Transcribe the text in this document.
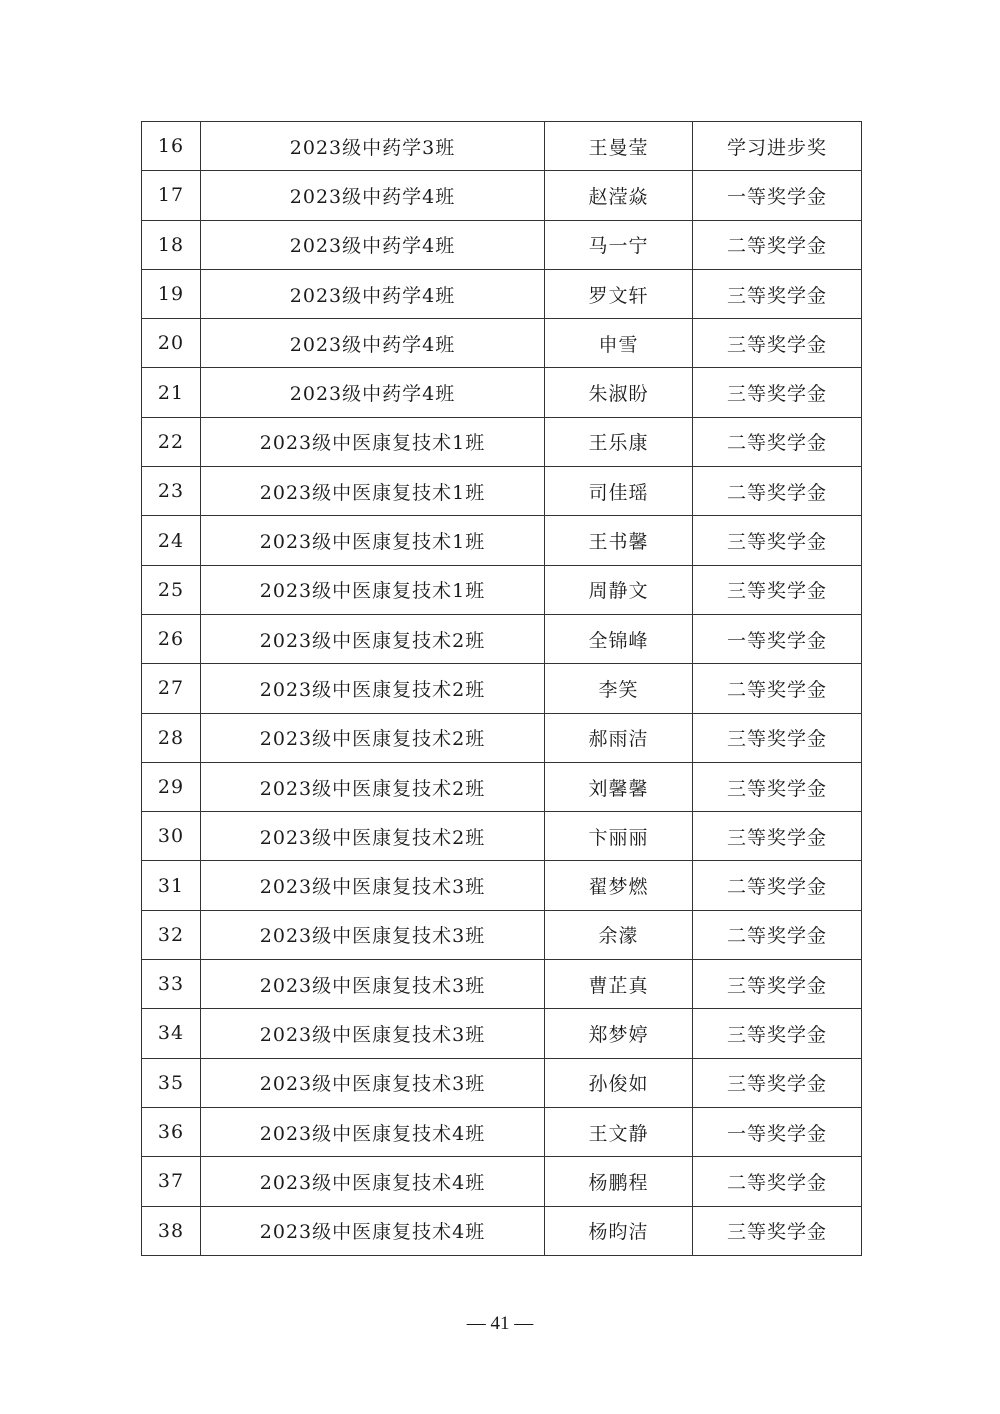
16	2023级中药学3班	王曼莹	学习进步奖
17	2023级中药学4班	赵滢焱	一等奖学金
18	2023级中药学4班	马一宁	二等奖学金
19	2023级中药学4班	罗文轩	三等奖学金
20	2023级中药学4班	申雪	三等奖学金
21	2023级中药学4班	朱淑盼	三等奖学金
22	2023级中医康复技术1班	王乐康	二等奖学金
23	2023级中医康复技术1班	司佳瑶	二等奖学金
24	2023级中医康复技术1班	王书馨	三等奖学金
25	2023级中医康复技术1班	周静文	三等奖学金
26	2023级中医康复技术2班	全锦峰	一等奖学金
27	2023级中医康复技术2班	李笑	二等奖学金
28	2023级中医康复技术2班	郝雨洁	三等奖学金
29	2023级中医康复技术2班	刘馨馨	三等奖学金
30	2023级中医康复技术2班	卞丽丽	三等奖学金
31	2023级中医康复技术3班	翟梦燃	二等奖学金
32	2023级中医康复技术3班	余濛	二等奖学金
33	2023级中医康复技术3班	曹芷真	三等奖学金
34	2023级中医康复技术3班	郑梦婷	三等奖学金
35	2023级中医康复技术3班	孙俊如	三等奖学金
36	2023级中医康复技术4班	王文静	一等奖学金
37	2023级中医康复技术4班	杨鹏程	二等奖学金
38	2023级中医康复技术4班	杨昀洁	三等奖学金
— 41 —
